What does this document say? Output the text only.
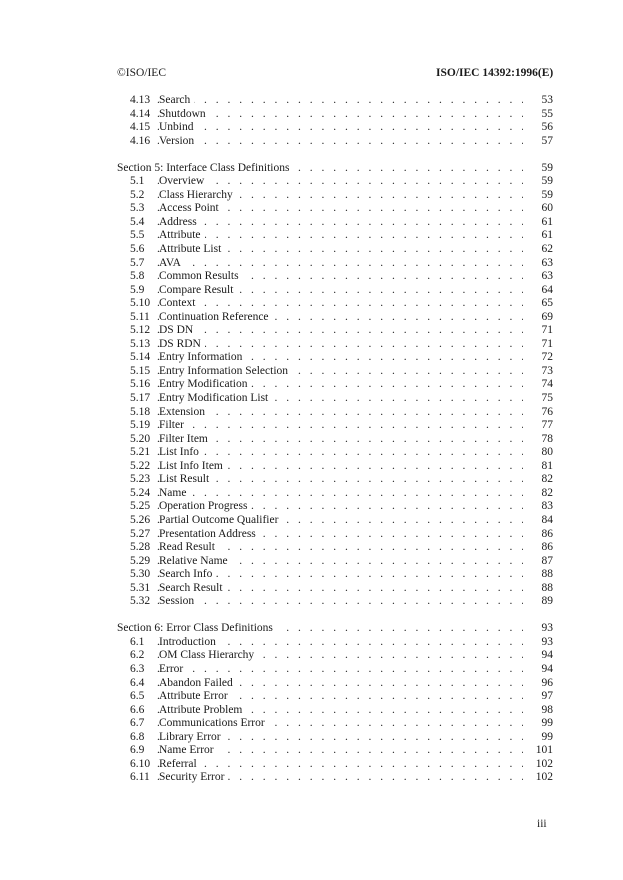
©ISO/IEC	ISO/IEC 14392:1996(E)
4.13 Search . . .	53
4.14 Shutdown . . .	55
4.15 Unbind . . .	56
4.16 Version . . .	57
Section 5: Interface Class Definitions . . .	59
5.1 Overview . . .	59
5.2 Class Hierarchy . . .	59
5.3 Access Point . . .	60
5.4 Address . . .	61
5.5 Attribute . . .	61
5.6 Attribute List . . .	62
5.7 AVA . . .	63
5.8 Common Results . . .	63
5.9 Compare Result . . .	64
5.10 Context . . .	65
5.11 Continuation Reference . . .	69
5.12 DS DN . . .	71
5.13 DS RDN . . .	71
5.14 Entry Information . . .	72
5.15 Entry Information Selection . . .	73
5.16 Entry Modification . . .	74
5.17 Entry Modification List . . .	75
5.18 Extension . . .	76
5.19 Filter . . .	77
5.20 Filter Item . . .	78
5.21 List Info . . .	80
5.22 List Info Item . . .	81
5.23 List Result . . .	82
5.24 Name . . .	82
5.25 Operation Progress . . .	83
5.26 Partial Outcome Qualifier . . .	84
5.27 Presentation Address . . .	86
5.28 Read Result . . .	86
5.29 Relative Name . . .	87
5.30 Search Info . . .	88
5.31 Search Result . . .	88
5.32 Session . . .	89
Section 6: Error Class Definitions . . .	93
6.1 Introduction . . .	93
6.2 OM Class Hierarchy . . .	94
6.3 Error . . .	94
6.4 Abandon Failed . . .	96
6.5 Attribute Error . . .	97
6.6 Attribute Problem . . .	98
6.7 Communications Error . . .	99
6.8 Library Error . . .	99
6.9 Name Error . . .	101
6.10 Referral . . .	102
6.11 Security Error . . .	102
iii
